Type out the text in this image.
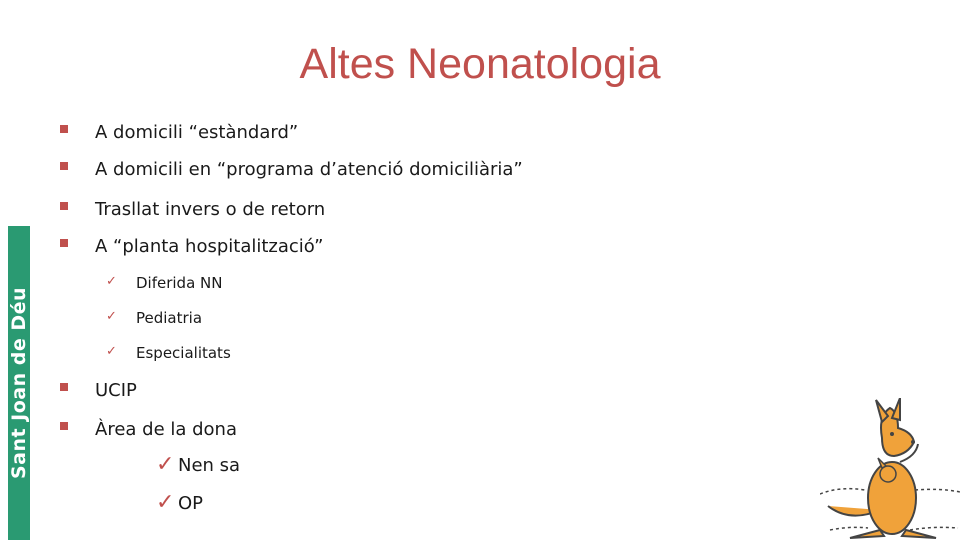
Altes Neonatologia
Sant Joan de Déu
A domicili “estàndard”
A domicili en “programa d’atenció domiciliària”
Trasllat invers o de retorn
A “planta hospitalització”
✓ Diferida NN
✓ Pediatria
✓ Especialitats
UCIP
Àrea de la dona
✓ Nen sa
✓ OP
